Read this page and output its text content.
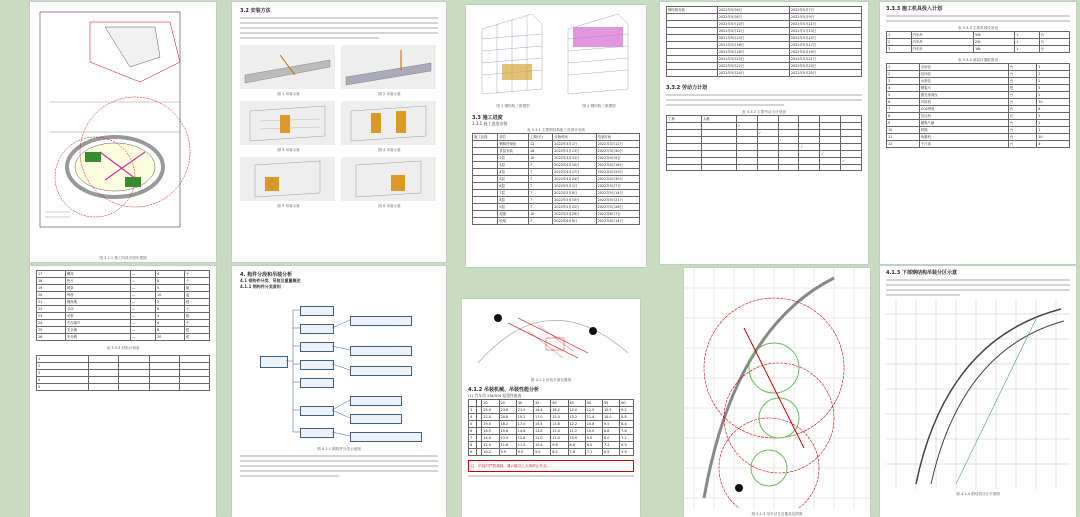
图 3.2.1 施工阶段平面布置图
3.2 安装方法
图 1 吊装示意	图 2 吊装示意
图 3 吊装示意	图 4 吊装示意
图 5 吊装示意	图 6 吊装示意
图 1 钢结构三维模型	图 2 钢结构三维模型
3.3 施工进度
3.3.1 施工进度安排
表 3.3.1 主要钢结构施工进度计划表
施工区段	部位	工期(天)	开始时间	结束时间
	钢构件深化	12	2022年3月1日	2022年3月12日
	首层安装	18	2022年3月13日	2022年3月30日
	2层	10	2022年3月31日	2022年4月9日
	3层	7	2022年4月10日	2022年4月16日
	4层	7	2022年4月17日	2022年4月23日
	5层	7	2022年4月24日	2022年4月30日
	6层	7	2022年5月1日	2022年5月7日
	7层	7	2022年5月8日	2022年5月14日
	8层	7	2022年5月15日	2022年5月21日
	9层	7	2022年5月22日	2022年5月28日
	屋面	10	2022年5月29日	2022年6月7日
	收尾	7	2022年6月8日	2022年6月14日
钢结构安装	2022年5月6日	2022年5月7日
	2022年5月8日	2022年5月9日
	2022年5月10日	2022年5月11日
	2022年5月12日	2022年5月13日
	2022年5月14日	2022年5月15日
	2022年5月16日	2022年5月17日
	2022年5月18日	2022年5月19日
	2022年5月20日	2022年5月21日
	2022年5月22日	2022年5月23日
	2022年5月24日	2022年5月25日
3.3.2 劳动力计划
表 3.3.2 主要劳动力计划表
工种	人数						
		✓					
			✓				
				✓			
					✓		
						✓	
							✓

3.3.3 施工机具投入计划
表 3.3.3 主要机械设备表
1	汽车吊	50t	1	台
2	汽车吊	25t	1	台
3	汽车吊	16t	1	台
表 3.3.4 测量仪器配置表
1	全站仪	台	1
2	经纬仪	台	2
3	水准仪	台	2
4	钢卷尺	把	5
5	激光垂准仪	台	1
6	对讲机	台	10
7	CO2焊机	台	8
8	空压机	台	2
9	碳弧气刨	台	2
10	烘箱	台	1
11	角磨机	台	10
12	千斤顶	台	4
17	螺栓	—	4	个
18	垫片	—	8	个
19	焊条	—	5	箱
20	焊丝	—	10	盘
21	钢丝绳	—	2	根
22	卡环	—	6	个
23	吊带	—	4	根
24	手拉葫芦	—	4	个
25	安全绳	—	8	根
26	安全网	—	20	张
表 3.3.5 材料计划表
1				
2				
3				
4				
5				
4. 构件分段和吊装分析
4.1 钢构件分类、吊装及重量概述
4.1.1 钢构件分类原则
图 4.1.1 钢构件分类示意图
图 4.1.2 吊装平面布置图
4.1.2 吊装机械、吊装性能分析
(1) 汽车吊 25t/50t 起重性能表
		20	25	30	35	40	45	50	55	60
3		25.0	23.6	21.0	18.4	16.2	14.0	12.0	10.5	9.2
4		22.0	20.8	19.2	17.0	15.0	13.2	11.4	10.0	8.8
5		19.0	18.2	17.0	15.4	13.8	12.2	10.8	9.5	8.4
6		16.5	15.8	14.8	13.6	12.4	11.2	10.0	8.8	7.8
7		14.0	13.5	12.8	12.0	11.0	10.0	9.0	8.0	7.2
8		12.0	11.6	11.0	10.4	9.6	8.8	8.0	7.2	6.5
9		10.2	9.9	9.5	9.0	8.4	7.8	7.1	6.5	5.9
注：吊装时严禁超载，遇六级以上大风停止作业。
图 4.1.3 吊车站位及覆盖范围图
4.1.3 下部钢结构吊装分区示意
图 4.1.4 钢结构分区平面图
